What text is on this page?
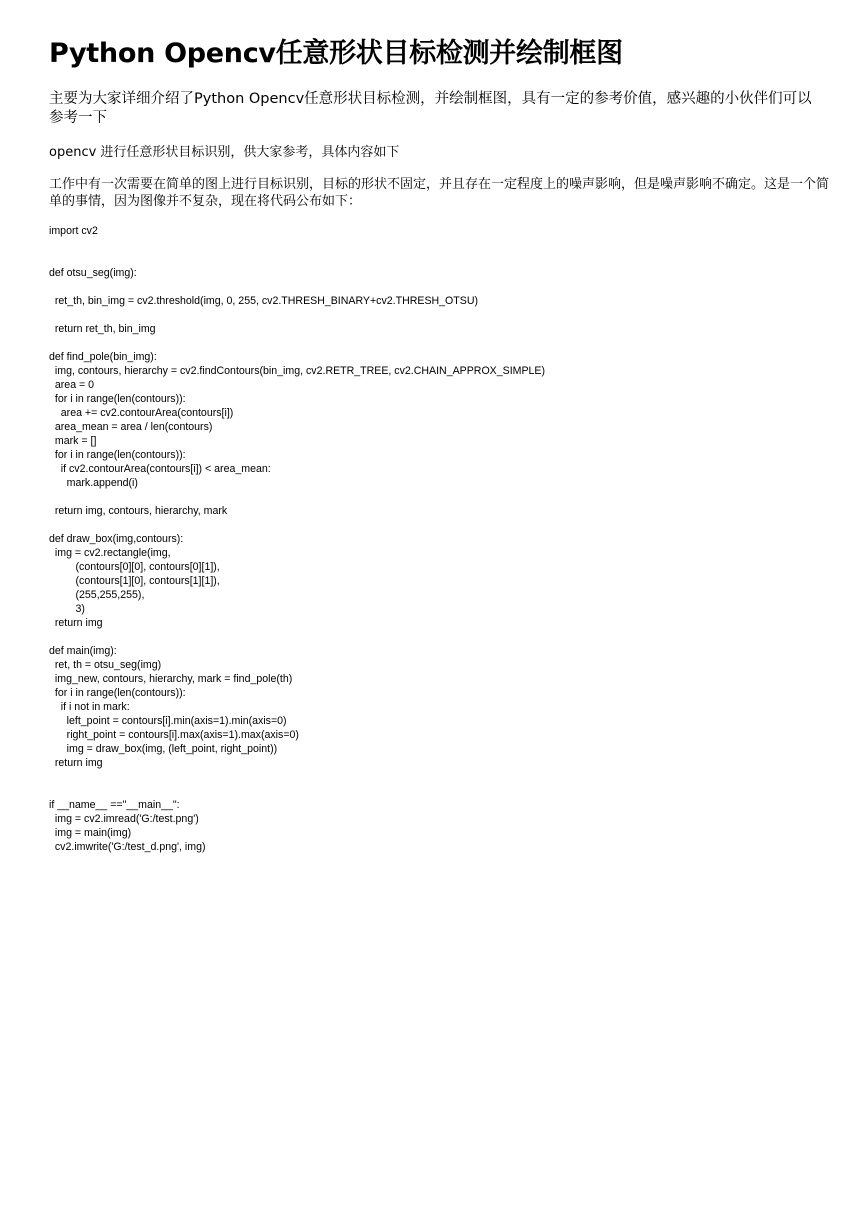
Python Opencv任意形状目标检测并绘制框图
主要为大家详细介绍了Python Opencv任意形状目标检测，并绘制框图，具有一定的参考价值，感兴趣的小伙伴们可以参考一下
opencv 进行任意形状目标识别，供大家参考，具体内容如下
工作中有一次需要在简单的图上进行目标识别，目标的形状不固定，并且存在一定程度上的噪声影响，但是噪声影响不确定。这是一个简单的事情，因为图像并不复杂，现在将代码公布如下：
import cv2
def otsu_seg(img):
ret_th, bin_img = cv2.threshold(img, 0, 255, cv2.THRESH_BINARY+cv2.THRESH_OTSU)
return ret_th, bin_img
def find_pole(bin_img):
img, contours, hierarchy = cv2.findContours(bin_img, cv2.RETR_TREE, cv2.CHAIN_APPROX_SIMPLE)
area = 0
for i in range(len(contours)):
area += cv2.contourArea(contours[i])
area_mean = area / len(contours)
mark = []
for i in range(len(contours)):
if cv2.contourArea(contours[i]) < area_mean:
mark.append(i)
return img, contours, hierarchy, mark
def draw_box(img,contours):
img = cv2.rectangle(img,
(contours[0][0], contours[0][1]),
(contours[1][0], contours[1][1]),
(255,255,255),
3)
return img
def main(img):
ret, th = otsu_seg(img)
img_new, contours, hierarchy, mark = find_pole(th)
for i in range(len(contours)):
if i not in mark:
left_point = contours[i].min(axis=1).min(axis=0)
right_point = contours[i].max(axis=1).max(axis=0)
img = draw_box(img, (left_point, right_point))
return img
if __name__ =="__main__":
img = cv2.imread('G:/test.png')
img = main(img)
cv2.imwrite('G:/test_d.png', img)
